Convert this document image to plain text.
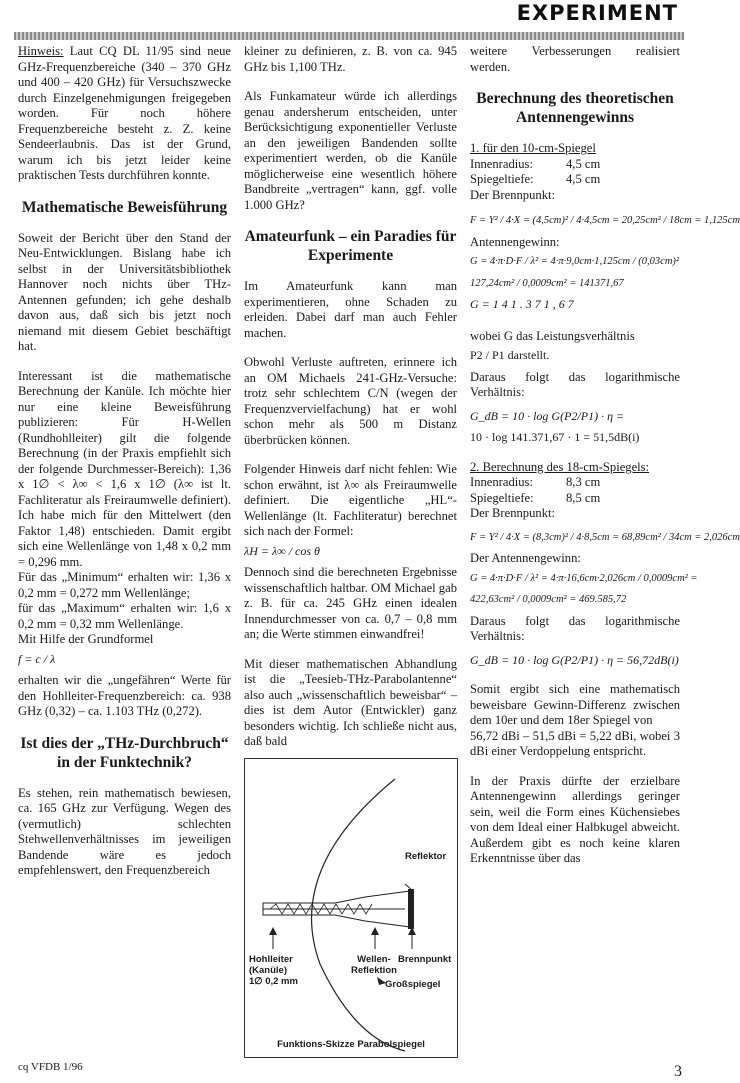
EXPERIMENT

Hinweis: Laut CQ DL 11/95 sind neue GHz-Frequenzbereiche (340 – 370 GHz und 400 – 420 GHz) für Versuchszwecke durch Einzelgenehmigungen freigegeben worden. Für noch höhere Frequenzbereiche besteht z. Z. keine Sendeerlaubnis. Das ist der Grund, warum ich bis jetzt leider keine praktischen Tests durchführen konnte.

Mathematische Beweisführung

Soweit der Bericht über den Stand der Neu-Entwicklungen. Bislang habe ich selbst in der Universitätsbibliothek Hannover noch nichts über THz-Antennen gefunden; ich gehe deshalb davon aus, daß sich bis jetzt noch niemand mit diesem Gebiet beschäftigt hat.

Interessant ist die mathematische Berechnung der Kanüle. Ich möchte hier nur eine kleine Beweisführung publizieren: Für H-Wellen (Rundhohlleiter) gilt die folgende Berechnung (in der Praxis empfiehlt sich der folgende Durchmesser-Bereich): 1,36 x 1∅ < λ∞ < 1,6 x 1∅ (λ∞ ist lt. Fachliteratur als Freiraumwelle definiert). Ich habe mich für den Mittelwert (den Faktor 1,48) entschieden. Damit ergibt sich eine Wellenlänge von 1,48 x 0,2 mm = 0,296 mm.

Für das „Minimum“ erhalten wir: 1,36 x 0,2 mm = 0,272 mm Wellenlänge;

für das „Maximum“ erhalten wir: 1,6 x 0,2 mm = 0,32 mm Wellenlänge.

Mit Hilfe der Grundformel

f = c / λ

erhalten wir die „ungefähren“ Werte für den Hohlleiter-Frequenzbereich: ca. 938 GHz (0,32) – ca. 1.103 THz (0,272).

Ist dies der „THz-Durchbruch“ in der Funktechnik?

Es stehen, rein mathematisch bewiesen, ca. 165 GHz zur Verfügung. Wegen des (vermutlich) schlechten Stehwellenverhältnisses im jeweiligen Bandende wäre es jedoch empfehlenswert, den Frequenzbereich

kleiner zu definieren, z. B. von ca. 945 GHz bis 1,100 THz.

Als Funkamateur würde ich allerdings genau andersherum entscheiden, unter Berücksichtigung exponentieller Verluste an den jeweiligen Bandenden sollte experimentiert werden, ob die Kanüle möglicherweise eine wesentlich höhere Bandbreite „vertragen“ kann, ggf. volle 1.000 GHz?

Amateurfunk – ein Paradies für Experimente

Im Amateurfunk kann man experimentieren, ohne Schaden zu erleiden. Dabei darf man auch Fehler machen.

Obwohl Verluste auftreten, erinnere ich an OM Michaels 241-GHz-Versuche: trotz sehr schlechtem C/N (wegen der Frequenzvervielfachung) hat er wohl schon mehr als 500 m Distanz überbrücken können.

Folgender Hinweis darf nicht fehlen: Wie schon erwähnt, ist λ∞ als Freiraumwelle definiert. Die eigentliche „HL“-Wellenlänge (lt. Fachliteratur) berechnet sich nach der Formel:

λH = λ∞ / cos θ

Dennoch sind die berechneten Ergebnisse wissenschaftlich haltbar. OM Michael gab z. B. für ca. 245 GHz einen idealen Innendurchmesser von ca. 0,7 – 0,8 mm an; die Werte stimmen einwandfrei!

Mit dieser mathematischen Abhandlung ist die „Teesieb-THz-Parabolantenne“ also auch „wissenschaftlich beweisbar“ – dies ist dem Autor (Entwickler) ganz besonders wichtig. Ich schließe nicht aus, daß bald

Reflektor
Wellen-
Reflektion
Brennpunkt
Großspiegel
Hohlleiter
(Kanüle)
1∅ 0,2 mm
Funktions-Skizze Parabolspiegel

weitere Verbesserungen realisiert werden.

Berechnung des theoretischen Antennengewinns
1. für den 10-cm-Spiegel
Innenradius:	4,5 cm
Spiegeltiefe:	4,5 cm
Der Brennpunkt:
F = Y² / 4·X = (4,5cm)² / 4·4,5cm = 20,25cm² / 18cm = 1,125cm
Antennengewinn:
G = 4·π·D·F / λ² = 4·π·9,0cm·1,125cm / (0,03cm)²
127,24cm² / 0,0009cm² = 141371,67
G = 1 4 1 . 3 7 1 , 6 7
wobei G das Leistungsverhältnis
P2 / P1 darstellt.

Daraus folgt das logarithmische Verhältnis:

G_dB = 10 · log G(P2/P1) · η =
10 · log 141.371,67 · 1 = 51,5dB(i)
2. Berechnung des 18-cm-Spiegels:
Innenradius:	8,3 cm
Spiegeltiefe:	8,5 cm
Der Brennpunkt:
F = Y² / 4·X = (8,3cm)² / 4·8,5cm = 68,89cm² / 34cm = 2,026cm
Der Antennengewinn:
G = 4·π·D·F / λ² = 4·π·16,6cm·2,026cm / 0,0009cm² =
422,63cm² / 0,0009cm² = 469.585,72

Daraus folgt das logarithmische Verhältnis:

G_dB = 10 · log G(P2/P1) · η = 56,72dB(i)

Somit ergibt sich eine mathematisch beweisbare Gewinn-Differenz zwischen dem 10er und dem 18er Spiegel von

56,72 dBi – 51,5 dBi = 5,22 dBi, wobei 3 dBi einer Verdoppelung entspricht.

In der Praxis dürfte der erzielbare Antennengewinn allerdings geringer sein, weil die Form eines Küchensiebes von dem Ideal einer Halbkugel abweicht. Außerdem gibt es noch keine klaren Erkenntnisse über das

cq VFDB 1/96	3
